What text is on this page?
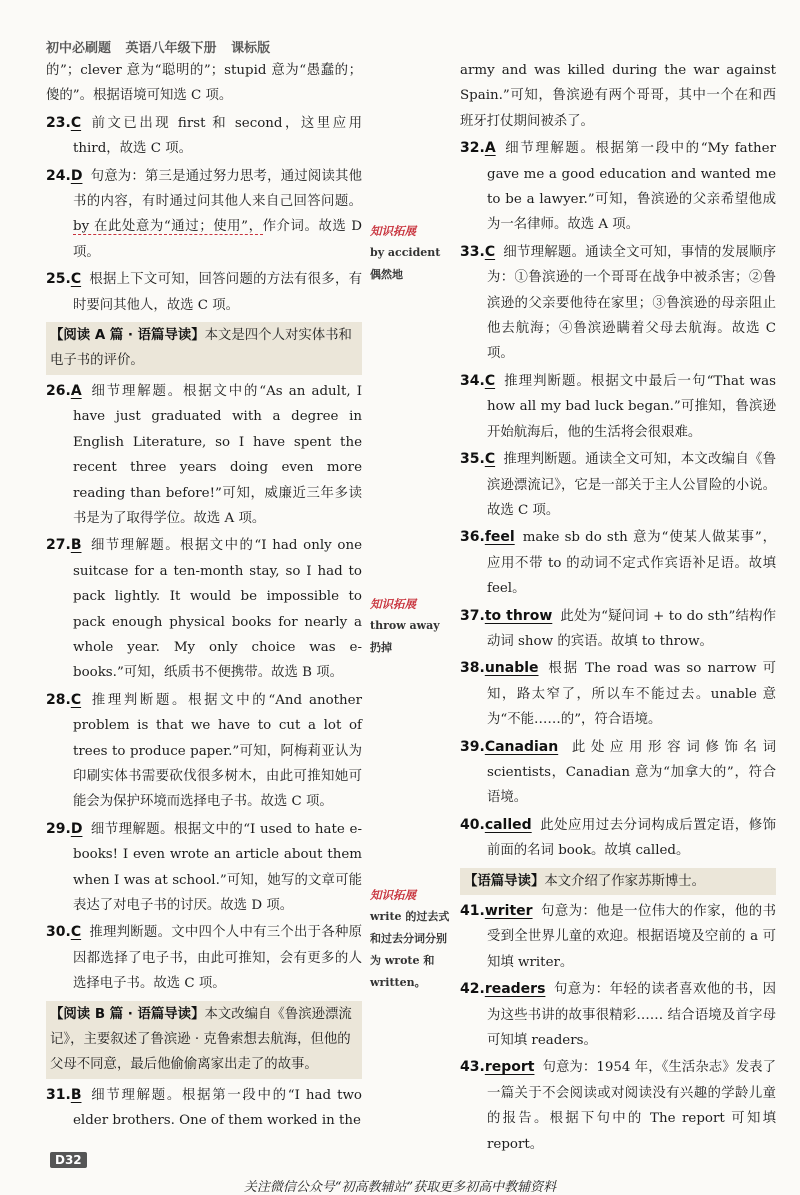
初中必刷题 英语八年级下册 课标版

的”；clever 意为“聪明的”；stupid 意为“愚蠢的；傻的”。根据语境可知选 C 项。

23.C 前文已出现 first 和 second，这里应用 third，故选 C 项。

24.D 句意为：第三是通过努力思考，通过阅读其他书的内容，有时通过问其他人来自己回答问题。by 在此处意为“通过；使用”，作介词。故选 D 项。

25.C 根据上下文可知，回答问题的方法有很多，有时要问其他人，故选 C 项。

【阅读 A 篇 · 语篇导读】本文是四个人对实体书和电子书的评价。

26.A 细节理解题。根据文中的“As an adult, I have just graduated with a degree in English Literature, so I have spent the recent three years doing even more reading than before!”可知，威廉近三年多读书是为了取得学位。故选 A 项。

27.B 细节理解题。根据文中的“I had only one suitcase for a ten-month stay, so I had to pack lightly. It would be impossible to pack enough physical books for nearly a whole year. My only choice was e-books.”可知，纸质书不便携带。故选 B 项。

28.C 推理判断题。根据文中的“And another problem is that we have to cut a lot of trees to produce paper.”可知，阿梅莉亚认为印刷实体书需要砍伐很多树木，由此可推知她可能会为保护环境而选择电子书。故选 C 项。

29.D 细节理解题。根据文中的“I used to hate e-books! I even wrote an article about them when I was at school.”可知，她写的文章可能表达了对电子书的讨厌。故选 D 项。

30.C 推理判断题。文中四个人中有三个出于各种原因都选择了电子书，由此可推知，会有更多的人选择电子书。故选 C 项。

【阅读 B 篇 · 语篇导读】本文改编自《鲁滨逊漂流记》，主要叙述了鲁滨逊 · 克鲁索想去航海，但他的父母不同意，最后他偷偷离家出走了的故事。

31.B 细节理解题。根据第一段中的“I had two elder brothers. One of them worked in the

知识拓展
by accident 偶然地
知识拓展
throw away 扔掉
知识拓展
write 的过去式和过去分词分别为 wrote 和 written。

army and was killed during the war against Spain.”可知，鲁滨逊有两个哥哥，其中一个在和西班牙打仗期间被杀了。

32.A 细节理解题。根据第一段中的“My father gave me a good education and wanted me to be a lawyer.”可知，鲁滨逊的父亲希望他成为一名律师。故选 A 项。

33.C 细节理解题。通读全文可知，事情的发展顺序为：①鲁滨逊的一个哥哥在战争中被杀害；②鲁滨逊的父亲要他待在家里；③鲁滨逊的母亲阻止他去航海；④鲁滨逊瞒着父母去航海。故选 C 项。

34.C 推理判断题。根据文中最后一句“That was how all my bad luck began.”可推知，鲁滨逊开始航海后，他的生活将会很艰难。

35.C 推理判断题。通读全文可知，本文改编自《鲁滨逊漂流记》，它是一部关于主人公冒险的小说。故选 C 项。

36.feel make sb do sth 意为“使某人做某事”，应用不带 to 的动词不定式作宾语补足语。故填 feel。

37.to throw 此处为“疑问词 + to do sth”结构作动词 show 的宾语。故填 to throw。

38.unable 根据 The road was so narrow 可知，路太窄了，所以车不能过去。unable 意为“不能……的”，符合语境。

39.Canadian 此处应用形容词修饰名词 scientists，Canadian 意为“加拿大的”，符合语境。

40.called 此处应用过去分词构成后置定语，修饰前面的名词 book。故填 called。

【语篇导读】本文介绍了作家苏斯博士。

41.writer 句意为：他是一位伟大的作家，他的书受到全世界儿童的欢迎。根据语境及空前的 a 可知填 writer。

42.readers 句意为：年轻的读者喜欢他的书，因为这些书讲的故事很精彩…… 结合语境及首字母可知填 readers。

43.report 句意为：1954 年，《生活杂志》发表了一篇关于不会阅读或对阅读没有兴趣的学龄儿童的报告。根据下句中的 The report 可知填 report。

D32
关注微信公众号“初高教辅站”获取更多初高中教辅资料
